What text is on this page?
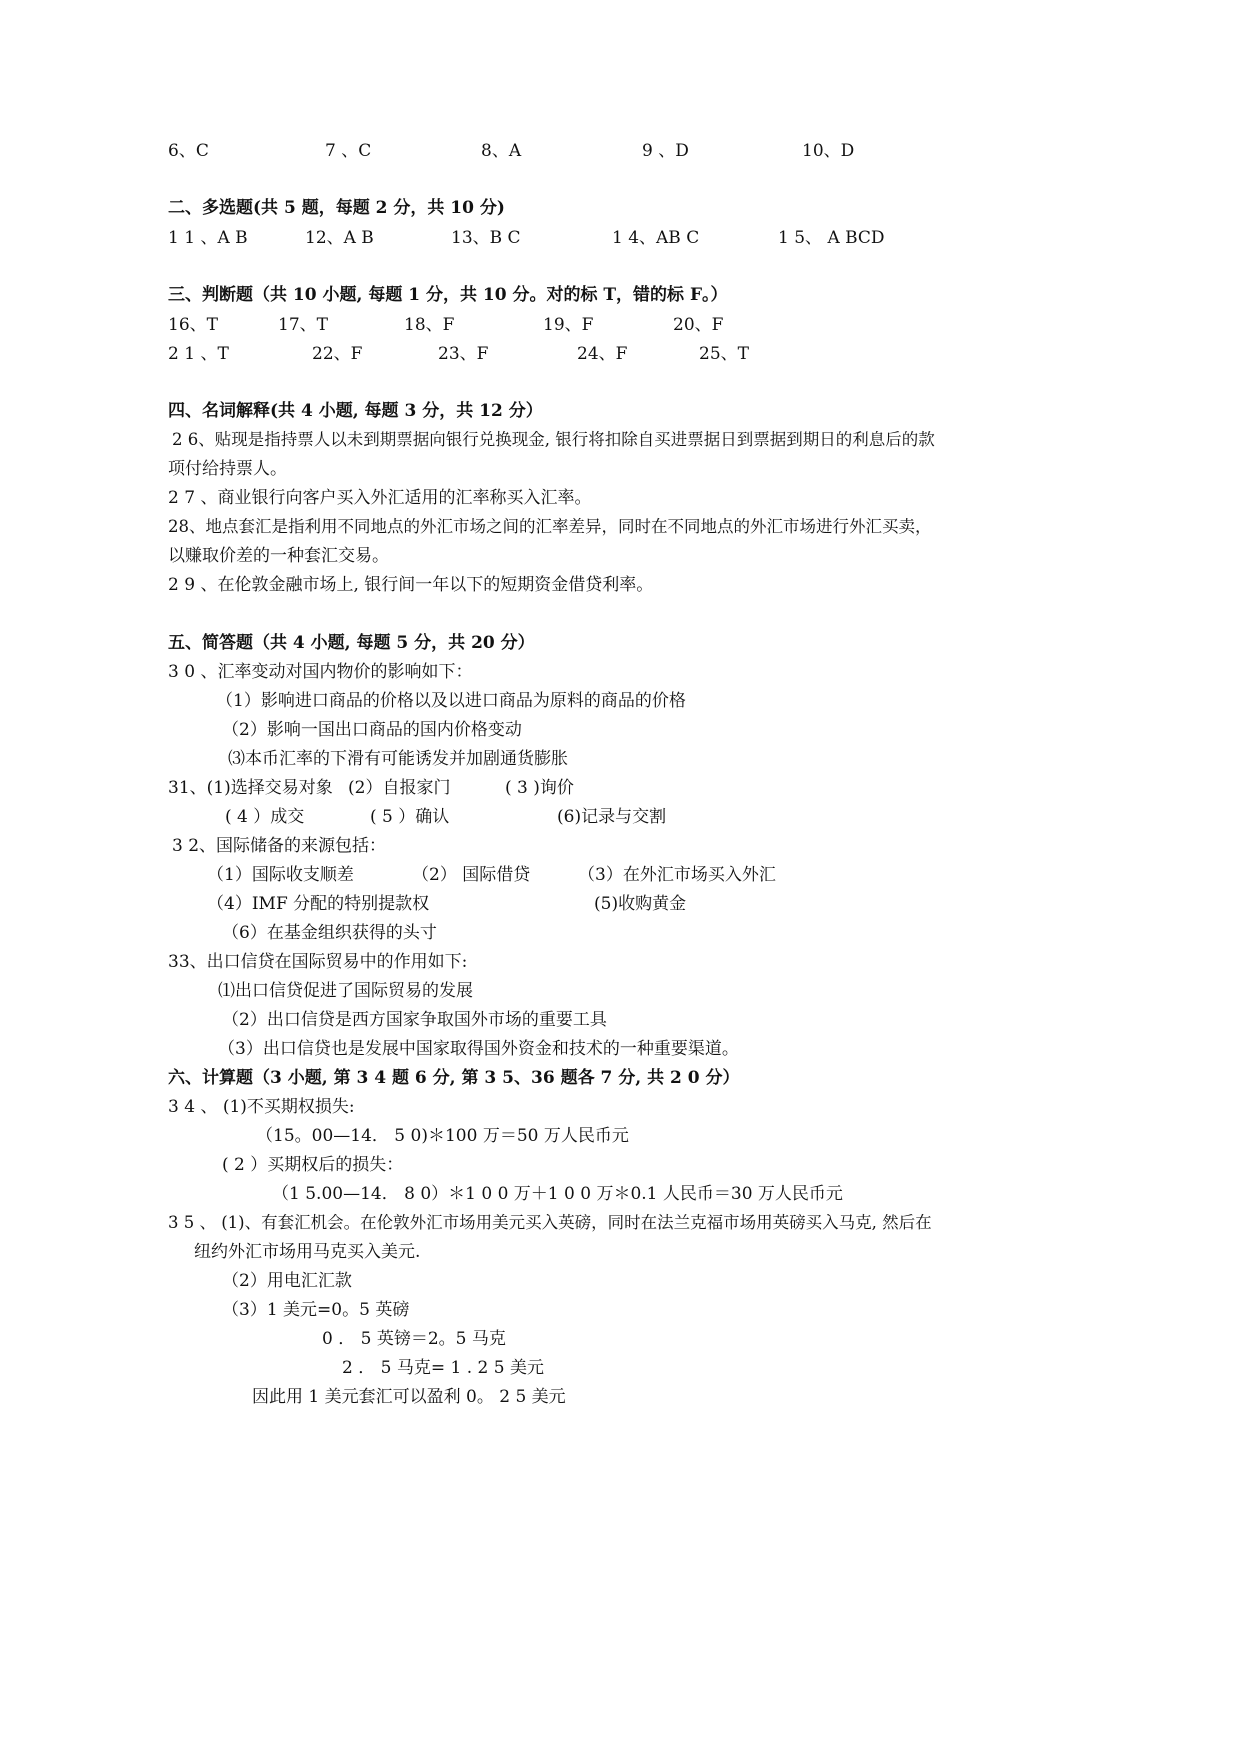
6、C	7 、C	8、A	9 、D	10、D
二、多选题(共 5 题，每题 2 分，共 10 分)
1 1 、A B	12、A B	13、B C	1 4、AB C	1 5、 A BCD
三、判断题（共 10 小题, 每题 1 分，共 10 分。对的标 T，错的标 F。）
16、T	17、T	18、F	19、F	20、F
2 1 、T	22、F	23、F	24、F	25、T
四、名词解释(共 4 小题, 每题 3 分，共 12 分）
2 6、贴现是指持票人以未到期票据向银行兑换现金, 银行将扣除自买进票据日到票据到期日的利息后的款
项付给持票人。
2 7 、商业银行向客户买入外汇适用的汇率称买入汇率。
28、地点套汇是指利用不同地点的外汇市场之间的汇率差异，同时在不同地点的外汇市场进行外汇买卖，
以赚取价差的一种套汇交易。
2 9 、在伦敦金融市场上, 银行间一年以下的短期资金借贷利率。
五、简答题（共 4 小题, 每题 5 分，共 20 分）
3 0 、汇率变动对国内物价的影响如下：
（1）影响进口商品的价格以及以进口商品为原料的商品的价格
（2）影响一国出口商品的国内价格变动
⑶本币汇率的下滑有可能诱发并加剧通货膨胀
31、(1)选择交易对象 (2）自报家门	( 3 )询价
( 4 ）成交	( 5 ）确认	(6)记录与交割
3 2、国际储备的来源包括：
（1）国际收支顺差	（2） 国际借贷	（3）在外汇市场买入外汇
（4）IMF 分配的特别提款权	(5)收购黄金
（6）在基金组织获得的头寸
33、出口信贷在国际贸易中的作用如下:
⑴出口信贷促进了国际贸易的发展
（2）出口信贷是西方国家争取国外市场的重要工具
（3）出口信贷也是发展中国家取得国外资金和技术的一种重要渠道。
六、计算题（3 小题, 第 3 4 题 6 分, 第 3 5、36 题各 7 分, 共 2 0 分）
3 4 、 (1)不买期权损失:
（15。00—14． 5 0)＊100 万＝50 万人民币元
( 2 ）买期权后的损失：
（1 5.00—14． 8 0）＊1 0 0 万＋1 0 0 万＊0.1 人民币＝30 万人民币元
3 5 、 (1)、有套汇机会。在伦敦外汇市场用美元买入英磅，同时在法兰克福市场用英磅买入马克, 然后在
纽约外汇市场用马克买入美元.
（2）用电汇汇款
（3）1 美元=0。5 英磅
0 ． 5 英镑＝2。5 马克
2 ． 5 马克= 1 . 2 5 美元
因此用 1 美元套汇可以盈利 0。 2 5 美元
